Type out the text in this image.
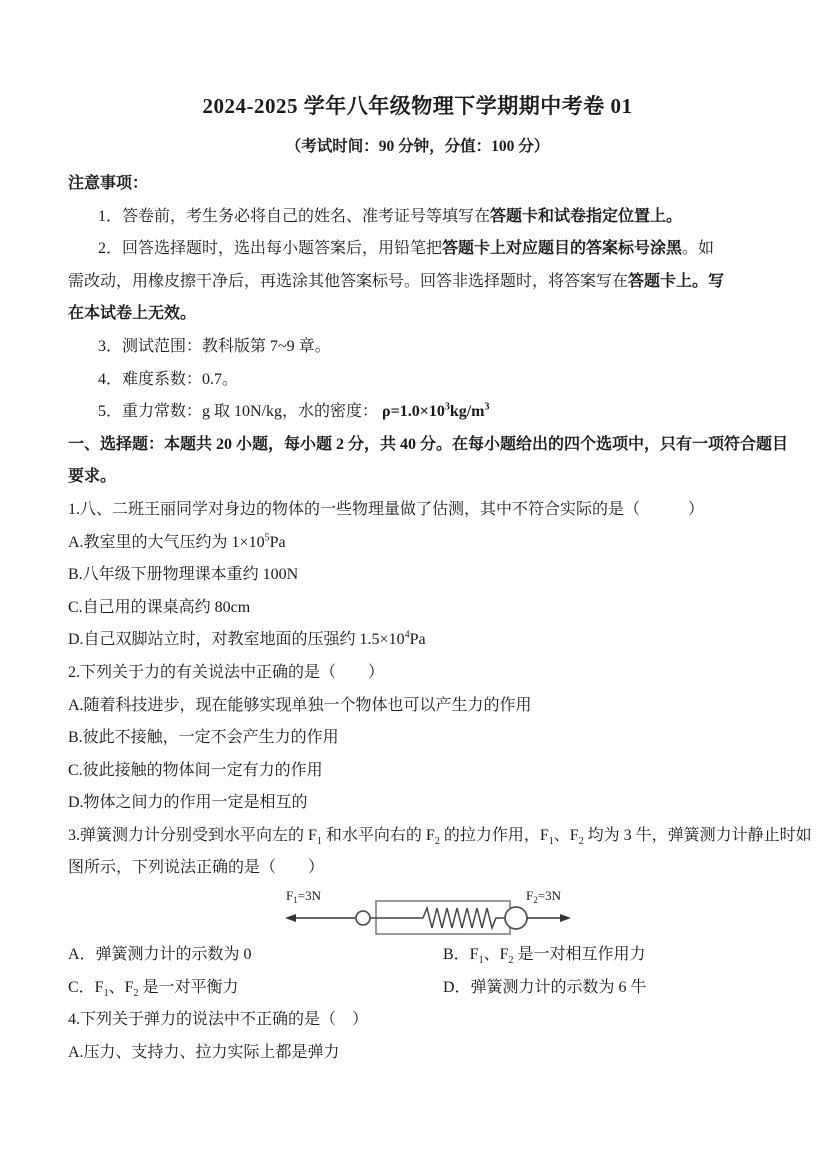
2024-2025 学年八年级物理下学期期中考卷 01
（考试时间：90 分钟，分值：100 分）
注意事项：
1．答卷前，考生务必将自己的姓名、准考证号等填写在答题卡和试卷指定位置上。
2．回答选择题时，选出每小题答案后，用铅笔把答题卡上对应题目的答案标号涂黑。如
需改动，用橡皮擦干净后，再选涂其他答案标号。回答非选择题时，将答案写在答题卡上。写
在本试卷上无效。
3．测试范围：教科版第 7~9 章。
4．难度系数：0.7。
5．重力常数：g 取 10N/kg，水的密度： $\rho=1.0\times 10^3kg/m^3$
一、选择题：本题共 20 小题，每小题 2 分，共 40 分。在每小题给出的四个选项中，只有一项符合题目
要求。
1.八、二班王丽同学对身边的物体的一些物理量做了估测，其中不符合实际的是（　　　）
A.教室里的大气压约为 $1\times 10^5Pa$
B.八年级下册物理课本重约 100N
C.自己用的课桌高约 80cm
D.自己双脚站立时，对教室地面的压强约 $1.5\times 10^4Pa$
2.下列关于力的有关说法中正确的是（　　）
A.随着科技进步，现在能够实现单独一个物体也可以产生力的作用
B.彼此不接触，一定不会产生力的作用
C.彼此接触的物体间一定有力的作用
D.物体之间力的作用一定是相互的
3.弹簧测力计分别受到水平向左的 $F_1$ 和水平向右的 $F_2$ 的拉力作用，$F_1$、$F_2$ 均为 3 牛，弹簧测力计静止时如
图所示，下列说法正确的是（　　）
$F_1=3N$	$F_2=3N$
A．弹簧测力计的示数为 0	B．$F_1$、$F_2$ 是一对相互作用力
C．$F_1$、$F_2$ 是一对平衡力	D．弹簧测力计的示数为 6 牛
4.下列关于弹力的说法中不正确的是（　）
A.压力、支持力、拉力实际上都是弹力
